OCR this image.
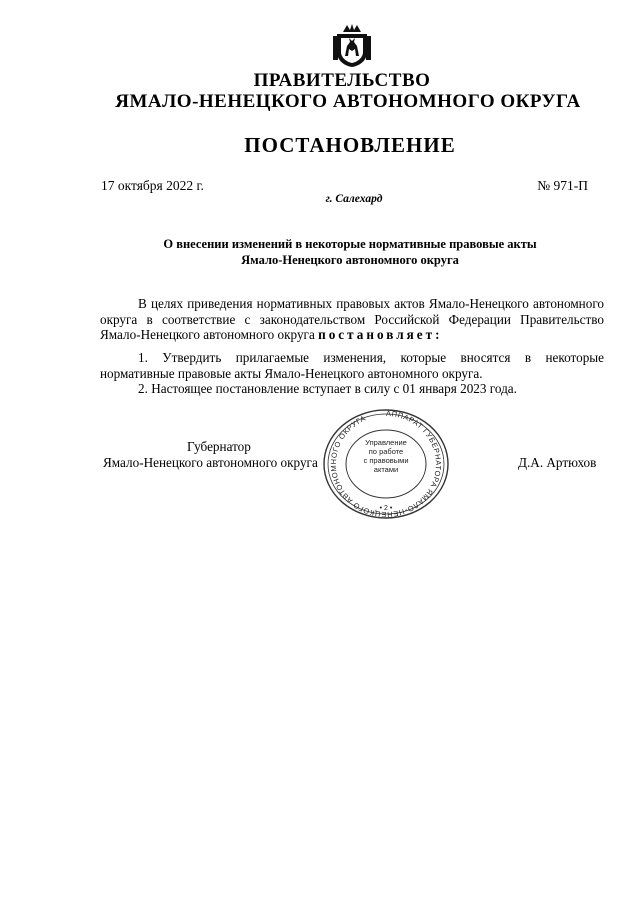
ПРАВИТЕЛЬСТВО
ЯМАЛО-НЕНЕЦКОГО АВТОНОМНОГО ОКРУГА
ПОСТАНОВЛЕНИЕ
17 октября 2022 г.	№ 971-П
г. Салехард
О внесении изменений в некоторые нормативные правовые акты
Ямало-Ненецкого автономного округа
В целях приведения нормативных правовых актов Ямало-Ненецкого автономного округа в соответствие с законодательством Российской Федерации Правительство Ямало-Ненецкого автономного округа постановляет:
1. Утвердить прилагаемые изменения, которые вносятся в некоторые нормативные правовые акты Ямало-Ненецкого автономного округа.
2. Настоящее постановление вступает в силу с 01 января 2023 года.
Губернатор
Ямало-Ненецкого автономного округа
АППАРАТ ГУБЕРНАТОРА ЯМАЛО-НЕНЕЦКОГО АВТОНОМНОГО ОКРУГА
• 2 •
Управление
по работе
с правовыми
актами	Д.А. Артюхов
